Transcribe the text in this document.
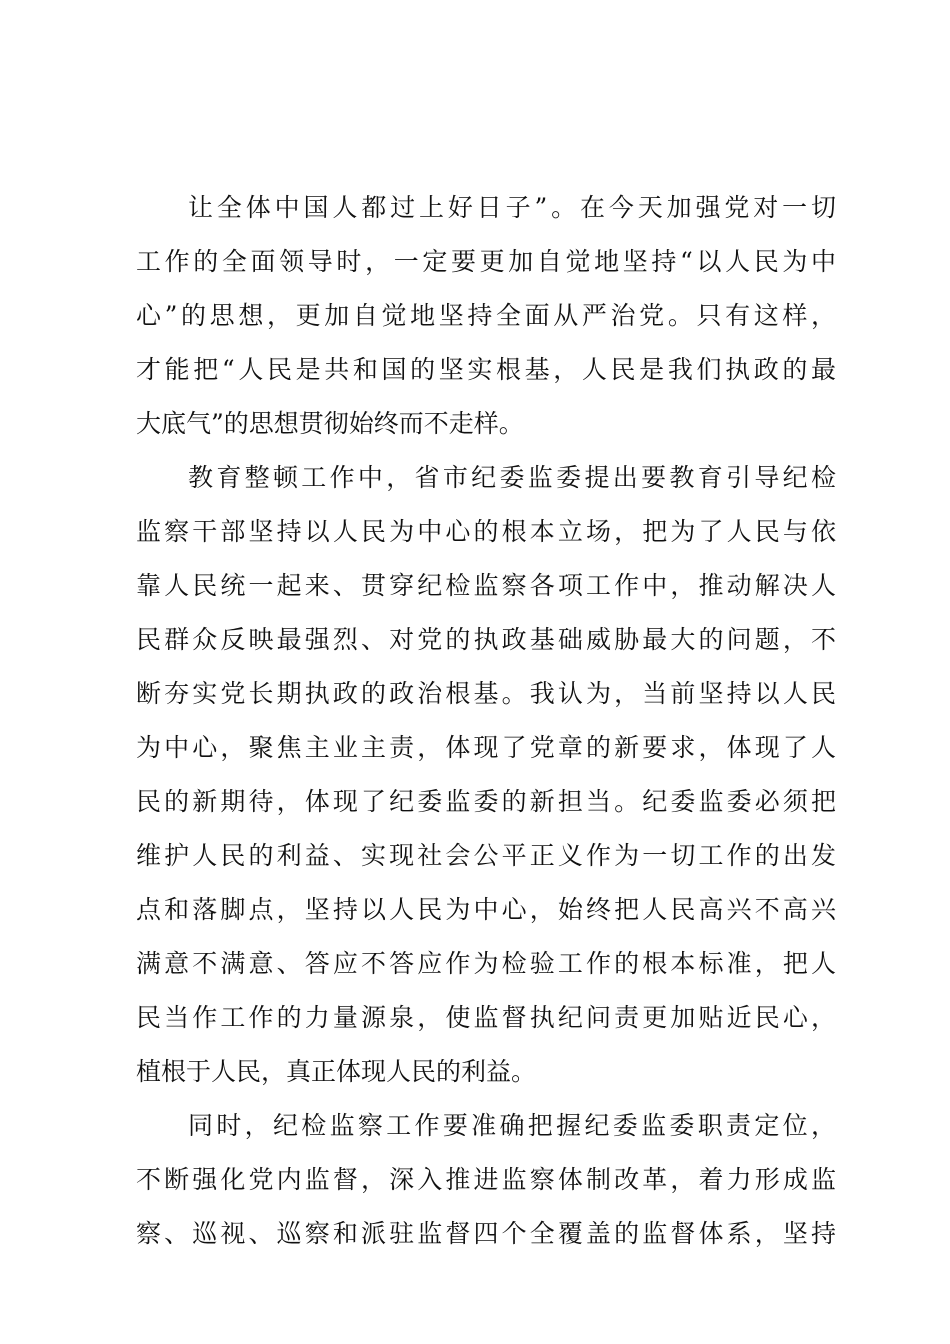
让全体中国人都过上好日子”。在今天加强党对一切
工作的全面领导时，一定要更加自觉地坚持“以人民为中
心”的思想，更加自觉地坚持全面从严治党。只有这样，
才能把“人民是共和国的坚实根基，人民是我们执政的最
大底气”的思想贯彻始终而不走样。
教育整顿工作中，省市纪委监委提出要教育引导纪检
监察干部坚持以人民为中心的根本立场，把为了人民与依
靠人民统一起来、贯穿纪检监察各项工作中，推动解决人
民群众反映最强烈、对党的执政基础威胁最大的问题，不
断夯实党长期执政的政治根基。我认为，当前坚持以人民
为中心，聚焦主业主责，体现了党章的新要求，体现了人
民的新期待，体现了纪委监委的新担当。纪委监委必须把
维护人民的利益、实现社会公平正义作为一切工作的出发
点和落脚点，坚持以人民为中心，始终把人民高兴不高兴
满意不满意、答应不答应作为检验工作的根本标准，把人
民当作工作的力量源泉，使监督执纪问责更加贴近民心，
植根于人民，真正体现人民的利益。
同时，纪检监察工作要准确把握纪委监委职责定位，
不断强化党内监督，深入推进监察体制改革，着力形成监
察、巡视、巡察和派驻监督四个全覆盖的监督体系，坚持
